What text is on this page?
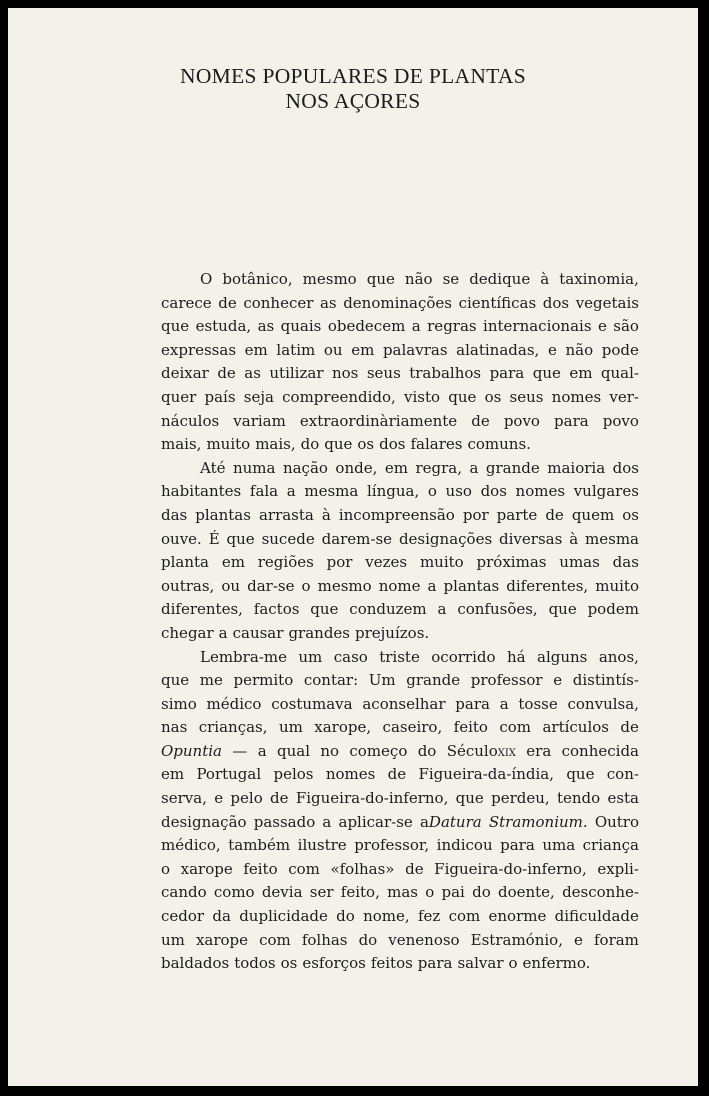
NOMES POPULARES DE PLANTAS
NOS AÇORES
O botânico, mesmo que não se dedique à taxinomia,
carece de conhecer as denominações científicas dos vegetais
que estuda, as quais obedecem a regras internacionais e são
expressas em latim ou em palavras alatinadas, e não pode
deixar de as utilizar nos seus trabalhos para que em qual-
quer país seja compreendido, visto que os seus nomes ver-
náculos variam extraordinàriamente de povo para povo
mais, muito mais, do que os dos falares comuns.
Até numa nação onde, em regra, a grande maioria dos
habitantes fala a mesma língua, o uso dos nomes vulgares
das plantas arrasta à incompreensão por parte de quem os
ouve. É que sucede darem-se designações diversas à mesma
planta em regiões por vezes muito próximas umas das
outras, ou dar-se o mesmo nome a plantas diferentes, muito
diferentes, factos que conduzem a confusões, que podem
chegar a causar grandes prejuízos.
Lembra-me um caso triste ocorrido há alguns anos,
que me permito contar: Um grande professor e distintís-
simo médico costumava aconselhar para a tosse convulsa,
nas crianças, um xarope, caseiro, feito com artículos de
Opuntia — a qual no começo do Séculoxix era conhecida
em Portugal pelos nomes de Figueira-da-índia, que con-
serva, e pelo de Figueira-do-inferno, que perdeu, tendo esta
designação passado a aplicar-se aDatura Stramonium. Outro
médico, também ilustre professor, indicou para uma criança
o xarope feito com «folhas» de Figueira-do-inferno, expli-
cando como devia ser feito, mas o pai do doente, desconhe-
cedor da duplicidade do nome, fez com enorme dificuldade
um xarope com folhas do venenoso Estramónio, e foram
baldados todos os esforços feitos para salvar o enfermo.
